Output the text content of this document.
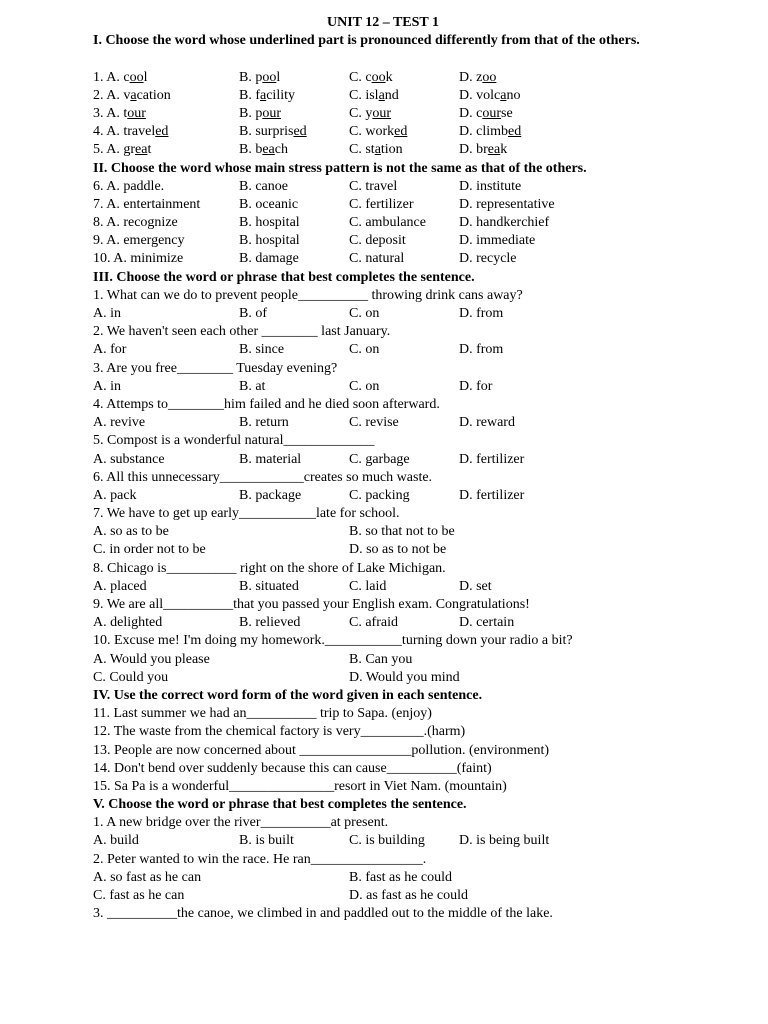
UNIT 12 – TEST 1
I. Choose the word whose underlined part is pronounced differently from that of the others.
1. A. cool	B. pool	C. cook	D. zoo
2. A. vacation	B. facility	C. island	D. volcano
3. A. tour	B. pour	C. your	D. course
4. A. traveled	B. surprised	C. worked	D. climbed
5. A. great	B. beach	C. station	D. break
II. Choose the word whose main stress pattern is not the same as that of the others.
6. A. paddle.	B. canoe	C. travel	D. institute
7. A. entertainment	B. oceanic	C. fertilizer	D. representative
8. A. recognize	B. hospital	C. ambulance D. handkerchief
9. A. emergency	B. hospital	C. deposit	D. immediate
10. A. minimize	B. damage	C. natural	D. recycle
III. Choose the word or phrase that best completes the sentence.
1. What can we do to prevent people__________ throwing drink cans away?
A. in	B. of	C. on	D. from
2. We haven't seen each other ________ last January.
A. for	B. since	C. on	D. from
3. Are you free________ Tuesday evening?
A. in	B. at	C. on	D. for
4. Attemps to________him failed and he died soon afterward.
A. revive	B. return	C. revise	D. reward
5. Compost is a wonderful natural_____________
A. substance	B. material	C. garbage	D. fertilizer
6. All this unnecessary____________creates so much waste.
A. pack	B. package	C. packing	D. fertilizer
7. We have to get up early___________late for school.
A. so as to be	B. so that not to be
C. in order not to be	D. so as to not be
8. Chicago is__________ right on the shore of Lake Michigan.
A. placed	B. situated	C. laid	D. set
9. We are all__________that you passed your English exam. Congratulations!
A. delighted	B. relieved	C. afraid	D. certain
10. Excuse me! I'm doing my homework.___________turning down your radio a bit?
A. Would you please	B. Can you
C. Could you	D. Would you mind
IV. Use the correct word form of the word given in each sentence.
11. Last summer we had an__________ trip to Sapa. (enjoy)
12. The waste from the chemical factory is very_________.(harm)
13. People are now concerned about ________________pollution. (environment)
14. Don't bend over suddenly because this can cause__________(faint)
15. Sa Pa is a wonderful_______________resort in Viet Nam. (mountain)
V. Choose the word or phrase that best completes the sentence.
1. A new bridge over the river__________at present.
A. build	B. is built	C. is building D. is being built
2. Peter wanted to win the race. He ran________________.
A. so fast as he can	B. fast as he could
C. fast as he can	D. as fast as he could
3. __________the canoe, we climbed in and paddled out to the middle of the lake.
